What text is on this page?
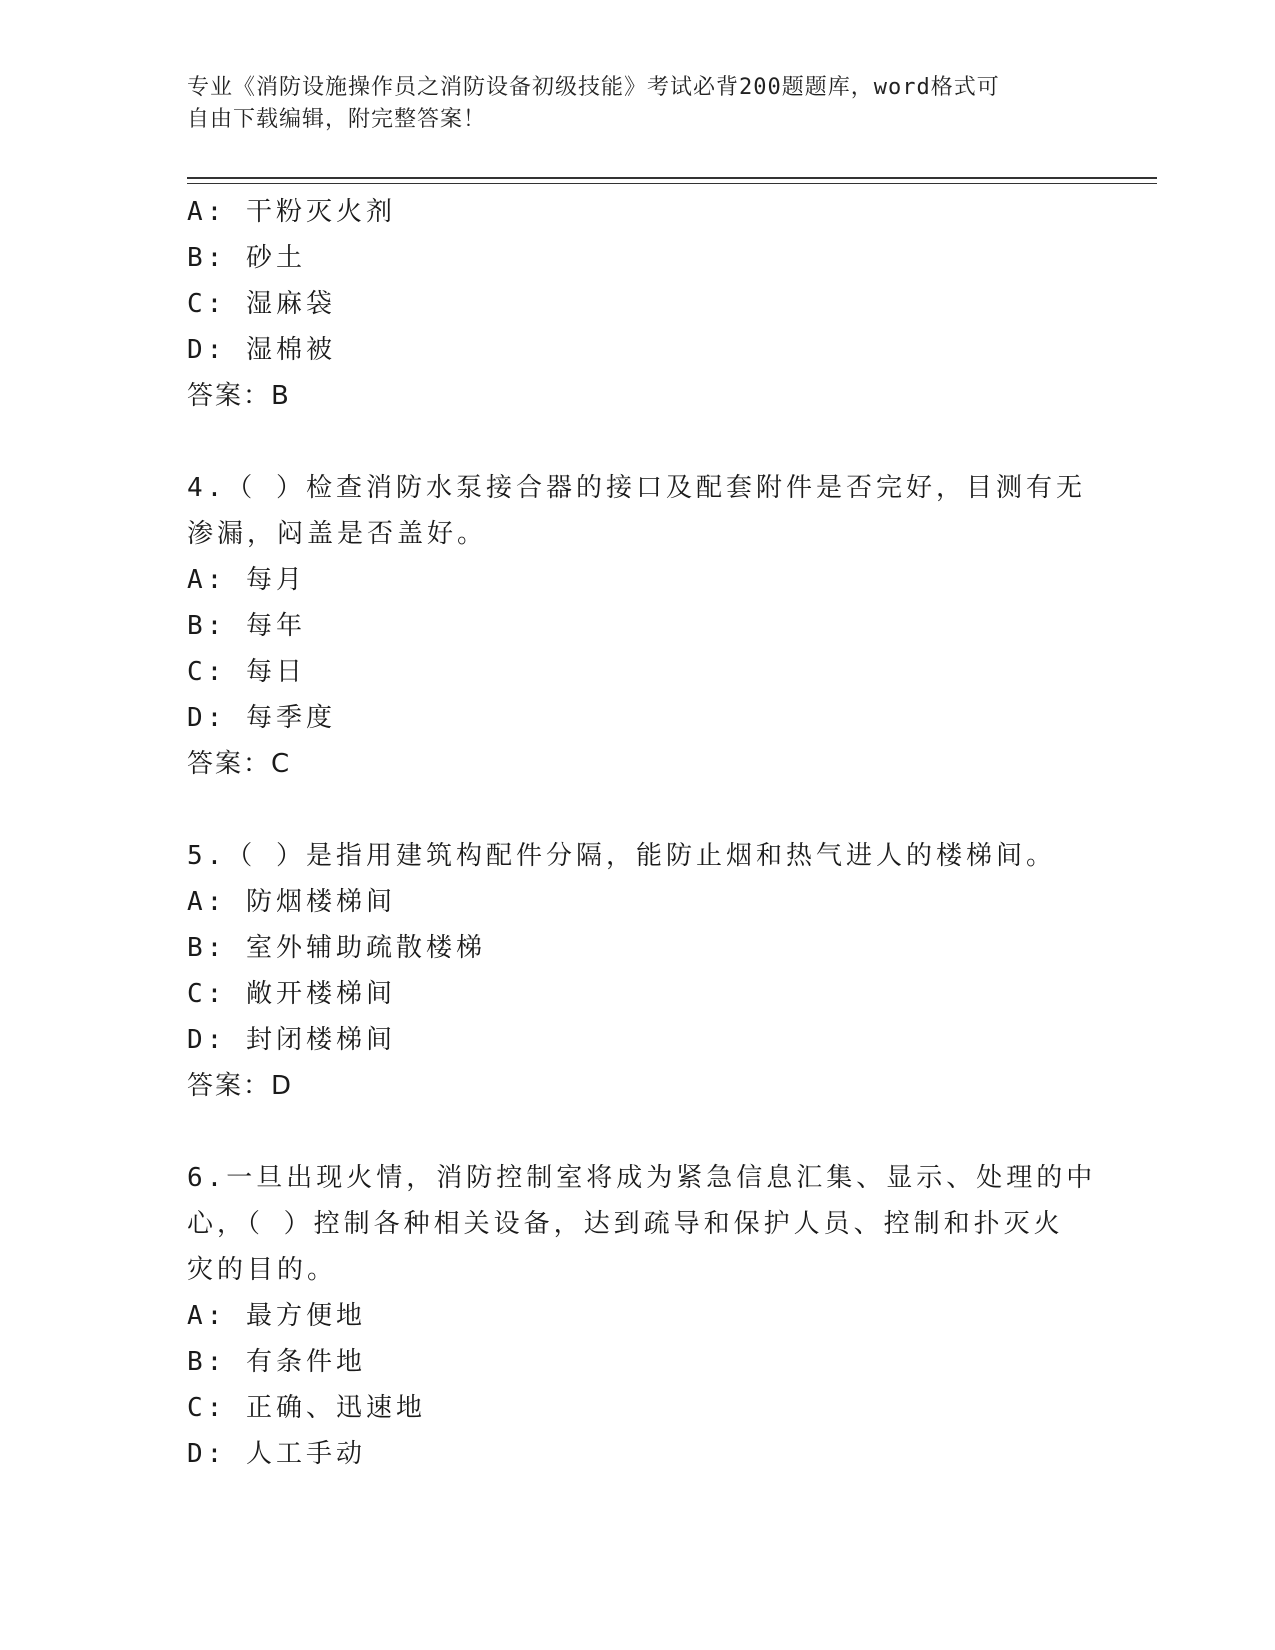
专业《消防设施操作员之消防设备初级技能》考试必背200题题库，word格式可
自由下载编辑，附完整答案！
A: 干粉灭火剂
B: 砂土
C: 湿麻袋
D: 湿棉被
答案：B
4.（ ）检查消防水泵接合器的接口及配套附件是否完好，目测有无
渗漏，闷盖是否盖好。
A: 每月
B: 每年
C: 每日
D: 每季度
答案：C
5.（ ）是指用建筑构配件分隔，能防止烟和热气进人的楼梯间。
A: 防烟楼梯间
B: 室外辅助疏散楼梯
C: 敞开楼梯间
D: 封闭楼梯间
答案：D
6.一旦出现火情，消防控制室将成为紧急信息汇集、显示、处理的中
心，（ ）控制各种相关设备，达到疏导和保护人员、控制和扑灭火
灾的目的。
A: 最方便地
B: 有条件地
C: 正确、迅速地
D: 人工手动
